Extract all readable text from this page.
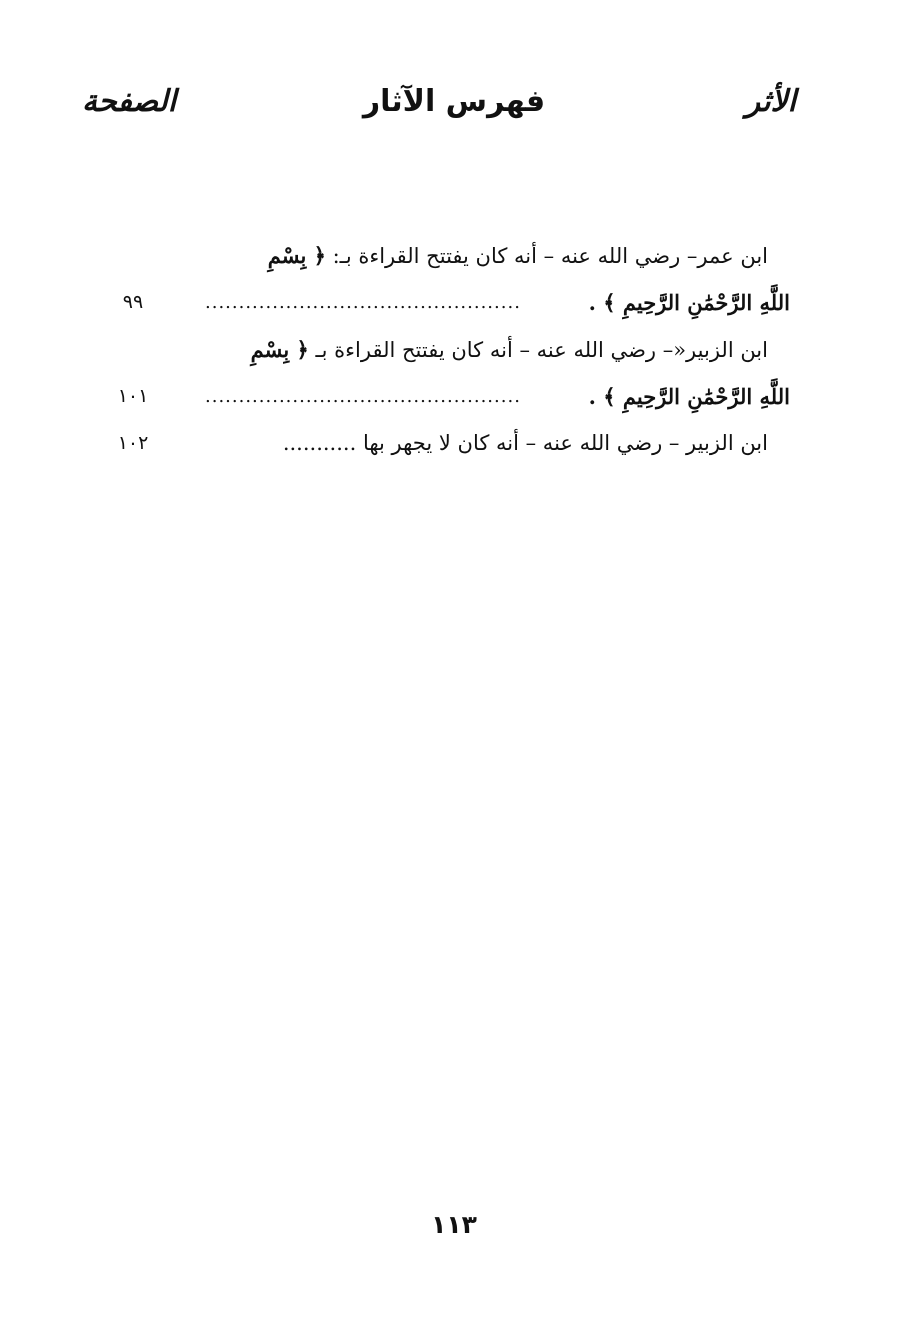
الأثر
فهرس الآثار
الصفحة
ابن عمر– رضي الله عنه – أنه كان يفتتح القراءة بـ: ﴿ بِسْمِ
اللَّهِ الرَّحْمَٰنِ الرَّحِيمِ ﴾ .
...............................................
٩٩
ابن الزبير«– رضي الله عنه – أنه كان يفتتح القراءة بـ ﴿ بِسْمِ
اللَّهِ الرَّحْمَٰنِ الرَّحِيمِ ﴾ .
...............................................
١٠١
ابن الزبير – رضي الله عنه – أنه كان لا يجهر بها ...........
١٠٢
١١٣
